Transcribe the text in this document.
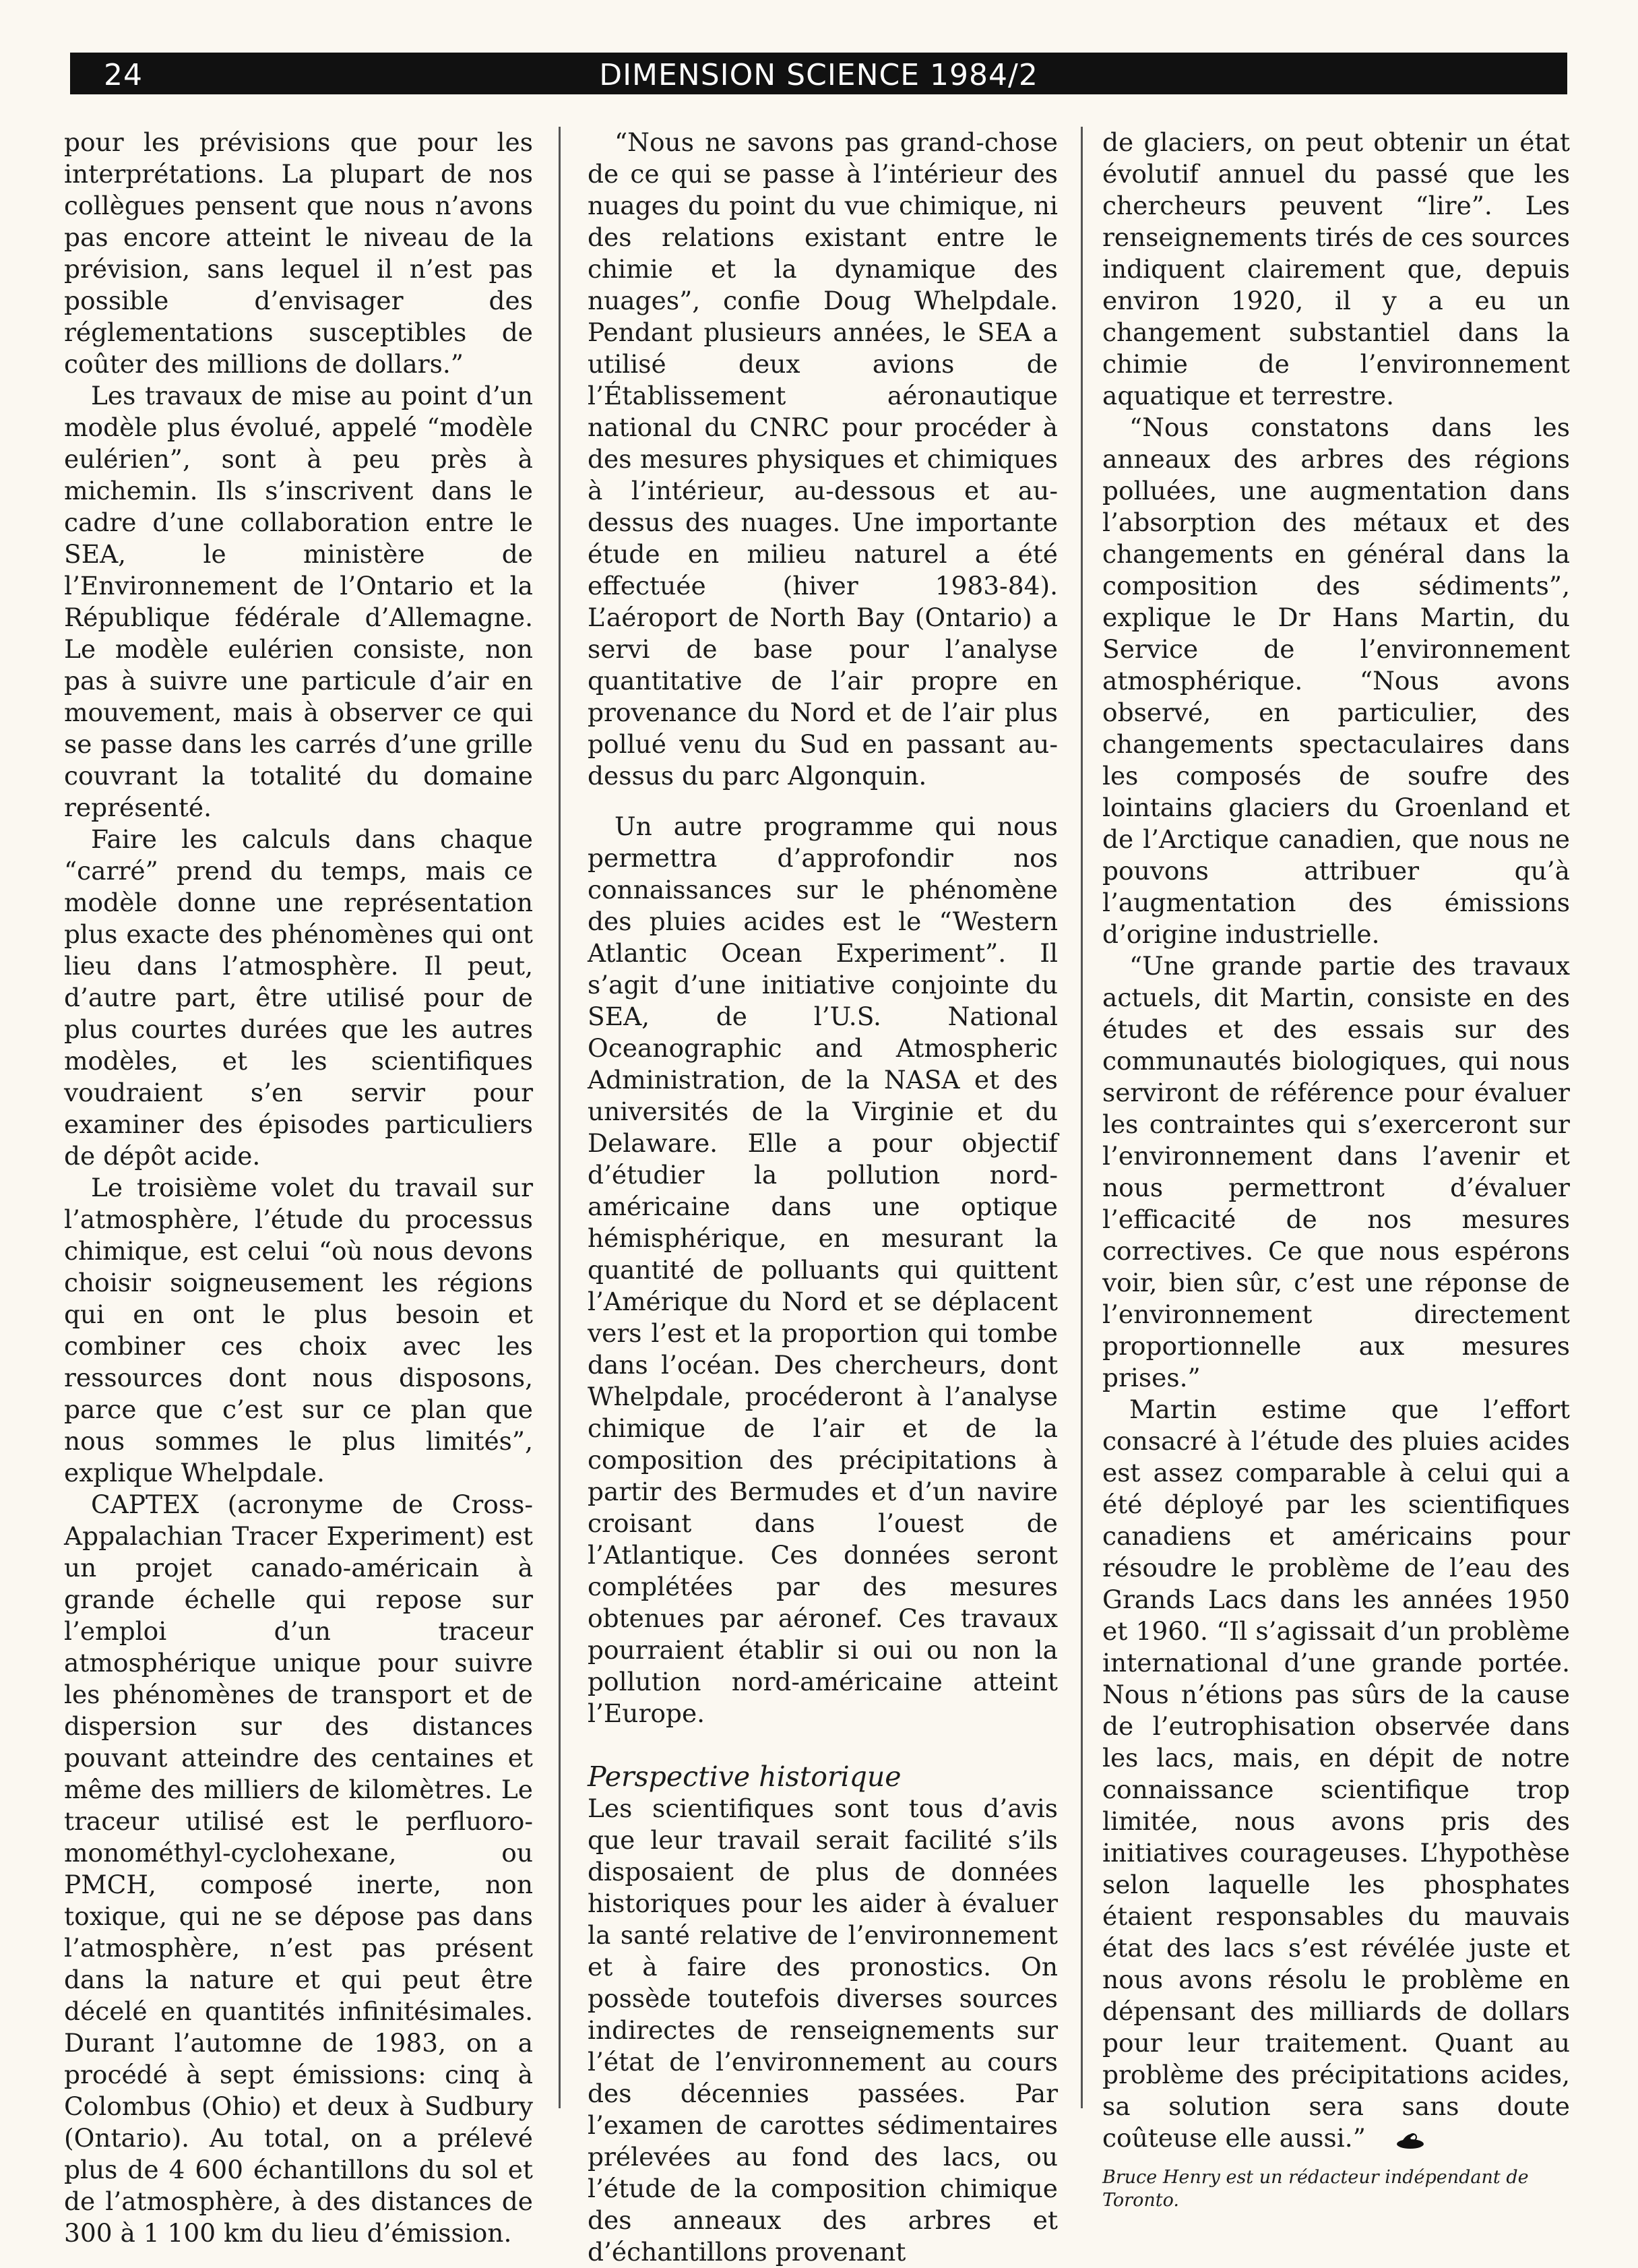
24	DIMENSION SCIENCE 1984/2

pour les prévisions que pour les interprétations. La plupart de nos collègues pensent que nous n’avons pas encore atteint le niveau de la prévision, sans lequel il n’est pas possible d’envisager des réglementations susceptibles de coûter des millions de dollars.”

Les travaux de mise au point d’un modèle plus évolué, appelé “modèle eulérien”, sont à peu près à michemin. Ils s’inscrivent dans le cadre d’une collaboration entre le SEA, le ministère de l’Environnement de l’Ontario et la République fédérale d’Allemagne. Le modèle eulérien consiste, non pas à suivre une particule d’air en mouvement, mais à observer ce qui se passe dans les carrés d’une grille couvrant la totalité du domaine représenté.

Faire les calculs dans chaque “carré” prend du temps, mais ce modèle donne une représentation plus exacte des phénomènes qui ont lieu dans l’atmosphère. Il peut, d’autre part, être utilisé pour de plus courtes durées que les autres modèles, et les scientifiques voudraient s’en servir pour examiner des épisodes particuliers de dépôt acide.

Le troisième volet du travail sur l’atmosphère, l’étude du processus chimique, est celui “où nous devons choisir soigneusement les régions qui en ont le plus besoin et combiner ces choix avec les ressources dont nous disposons, parce que c’est sur ce plan que nous sommes le plus limités”, explique Whelpdale.

CAPTEX (acronyme de Cross-Appalachian Tracer Experiment) est un projet canado-américain à grande échelle qui repose sur l’emploi d’un traceur atmosphérique unique pour suivre les phénomènes de transport et de dispersion sur des distances pouvant atteindre des centaines et même des milliers de kilomètres. Le traceur utilisé est le perfluoro-monométhyl-cyclohexane, ou PMCH, composé inerte, non toxique, qui ne se dépose pas dans l’atmosphère, n’est pas présent dans la nature et qui peut être décelé en quantités infinitésimales. Durant l’automne de 1983, on a procédé à sept émissions: cinq à Colombus (Ohio) et deux à Sudbury (Ontario). Au total, on a prélevé plus de 4 600 échantillons du sol et de l’atmosphère, à des distances de 300 à 1 100 km du lieu d’émission.

“Nous ne savons pas grand-chose de ce qui se passe à l’intérieur des nuages du point du vue chimique, ni des relations existant entre le chimie et la dynamique des nuages”, confie Doug Whelpdale. Pendant plusieurs années, le SEA a utilisé deux avions de l’Établissement aéronautique national du CNRC pour procéder à des mesures physiques et chimiques à l’intérieur, au-dessous et au-dessus des nuages. Une importante étude en milieu naturel a été effectuée (hiver 1983-84). L’aéroport de North Bay (Ontario) a servi de base pour l’analyse quantitative de l’air propre en provenance du Nord et de l’air plus pollué venu du Sud en passant au-dessus du parc Algonquin.

Un autre programme qui nous permettra d’approfondir nos connaissances sur le phénomène des pluies acides est le “Western Atlantic Ocean Experiment”. Il s’agit d’une initiative conjointe du SEA, de l’U.S. National Oceanographic and Atmospheric Administration, de la NASA et des universités de la Virginie et du Delaware. Elle a pour objectif d’étudier la pollution nord-américaine dans une optique hémisphérique, en mesurant la quantité de polluants qui quittent l’Amérique du Nord et se déplacent vers l’est et la proportion qui tombe dans l’océan. Des chercheurs, dont Whelpdale, procéderont à l’analyse chimique de l’air et de la composition des précipitations à partir des Bermudes et d’un navire croisant dans l’ouest de l’Atlantique. Ces données seront complétées par des mesures obtenues par aéronef. Ces travaux pourraient établir si oui ou non la pollution nord-américaine atteint l’Europe.

Perspective historique

Les scientifiques sont tous d’avis que leur travail serait facilité s’ils disposaient de plus de données historiques pour les aider à évaluer la santé relative de l’environnement et à faire des pronostics. On possède toutefois diverses sources indirectes de renseignements sur l’état de l’environnement au cours des décennies passées. Par l’examen de carottes sédimentaires prélevées au fond des lacs, ou l’étude de la composition chimique des anneaux des arbres et d’échantillons provenant

de glaciers, on peut obtenir un état évolutif annuel du passé que les chercheurs peuvent “lire”. Les renseignements tirés de ces sources indiquent clairement que, depuis environ 1920, il y a eu un changement substantiel dans la chimie de l’environnement aquatique et terrestre.

“Nous constatons dans les anneaux des arbres des régions polluées, une augmentation dans l’absorption des métaux et des changements en général dans la composition des sédiments”, explique le Dr Hans Martin, du Service de l’environnement atmosphérique. “Nous avons observé, en particulier, des changements spectaculaires dans les composés de soufre des lointains glaciers du Groenland et de l’Arctique canadien, que nous ne pouvons attribuer qu’à l’augmentation des émissions d’origine industrielle.

“Une grande partie des travaux actuels, dit Martin, consiste en des études et des essais sur des communautés biologiques, qui nous serviront de référence pour évaluer les contraintes qui s’exerceront sur l’environnement dans l’avenir et nous permettront d’évaluer l’efficacité de nos mesures correctives. Ce que nous espérons voir, bien sûr, c’est une réponse de l’environnement directement proportionnelle aux mesures prises.”

Martin estime que l’effort consacré à l’étude des pluies acides est assez comparable à celui qui a été déployé par les scientifiques canadiens et américains pour résoudre le problème de l’eau des Grands Lacs dans les années 1950 et 1960. “Il s’agissait d’un problème international d’une grande portée. Nous n’étions pas sûrs de la cause de l’eutrophisation observée dans les lacs, mais, en dépit de notre connaissance scientifique trop limitée, nous avons pris des initiatives courageuses. L’hypothèse selon laquelle les phosphates étaient responsables du mauvais état des lacs s’est révélée juste et nous avons résolu le problème en dépensant des milliards de dollars pour leur traitement. Quant au problème des précipitations acides, sa solution sera sans doute coûteuse elle aussi.”

Bruce Henry est un rédacteur indépendant de Toronto.
